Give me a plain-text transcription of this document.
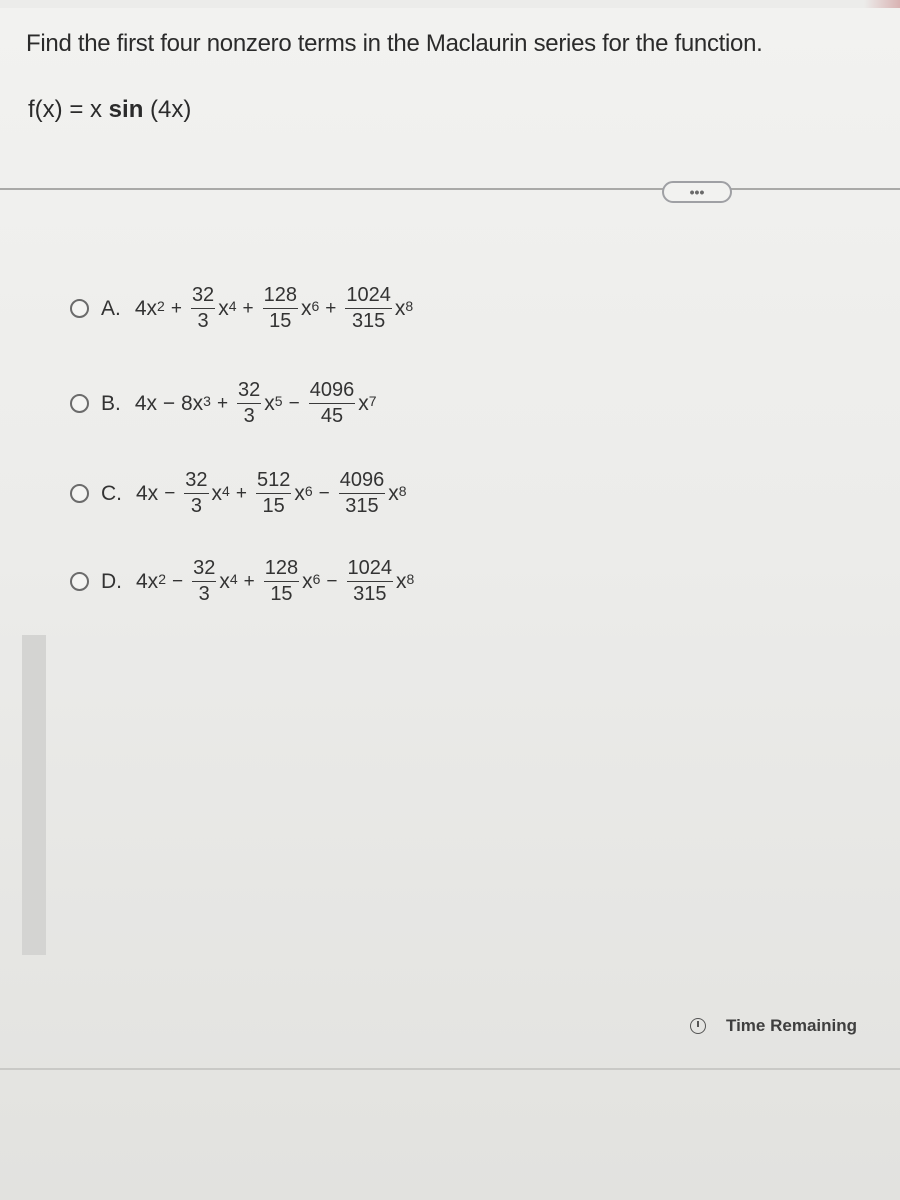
Find the first four nonzero terms in the Maclaurin series for the function.
f(x) = x sin (4x)
•••
A. $4x^2 + \frac{32}{3} x^4 + \frac{128}{15} x^6 + \frac{1024}{315} x^8$
B. $4x - 8x^3 + \frac{32}{3} x^5 - \frac{4096}{45} x^7$
C. $4x - \frac{32}{3} x^4 + \frac{512}{15} x^6 - \frac{4096}{315} x^8$
D. $4x^2 - \frac{32}{3} x^4 + \frac{128}{15} x^6 - \frac{1024}{315} x^8$
Time Remaining
